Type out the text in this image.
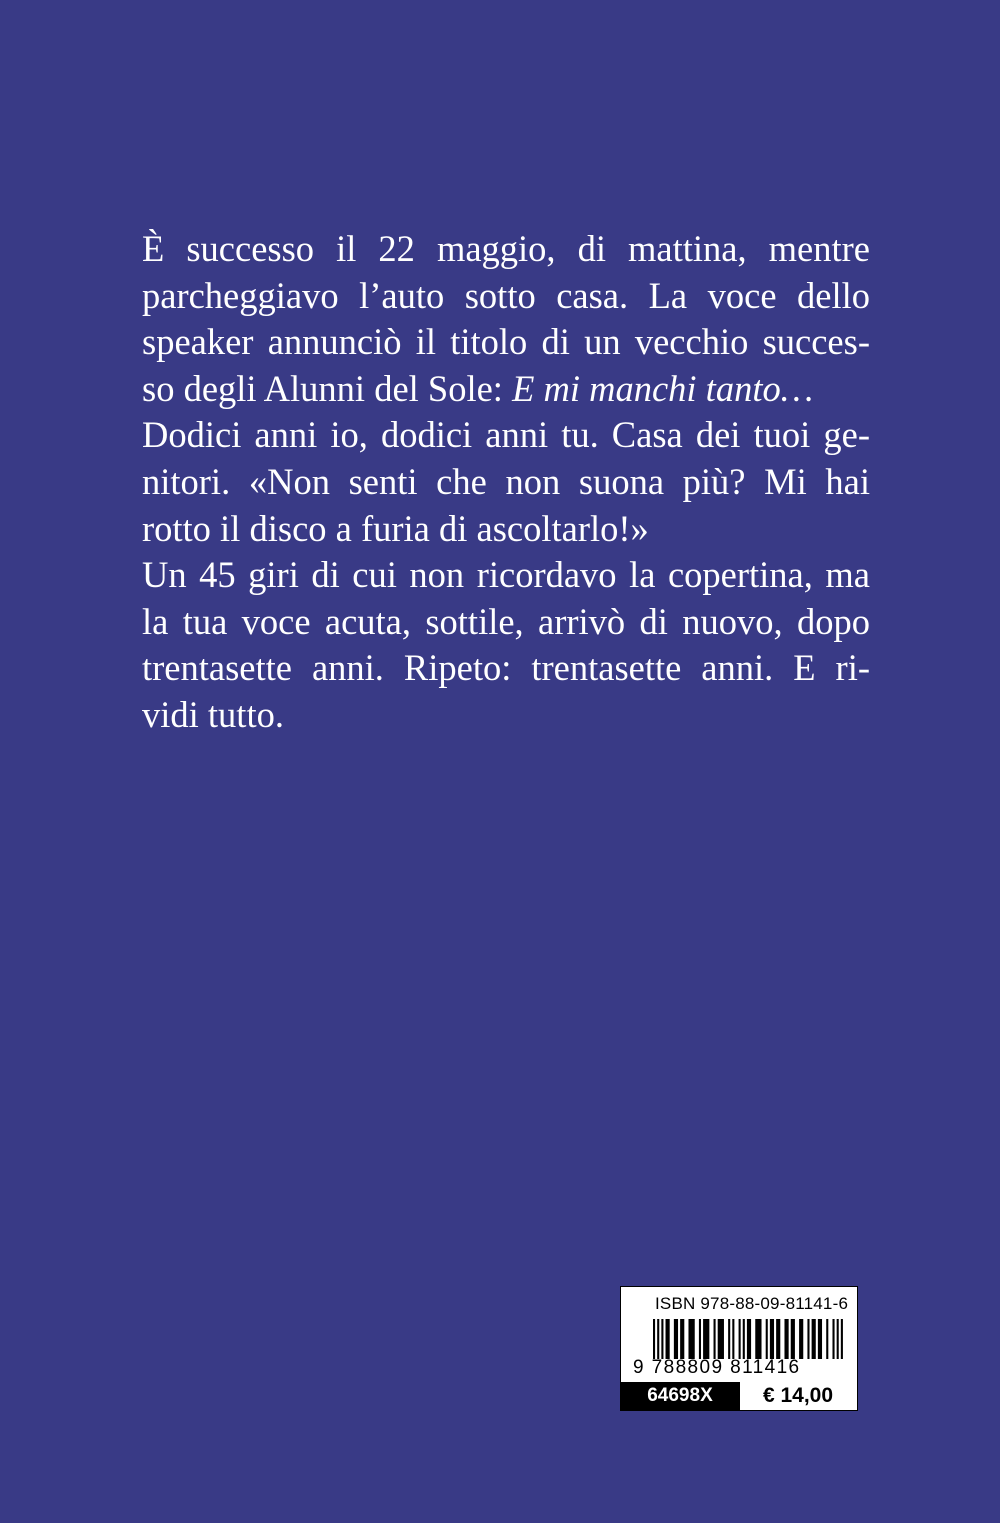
È successo il 22 maggio, di mattina, mentre
parcheggiavo l’auto sotto casa. La voce dello
speaker annunciò il titolo di un vecchio succes-
so degli Alunni del Sole: E mi manchi tanto…
Dodici anni io, dodici anni tu. Casa dei tuoi ge-
nitori. «Non senti che non suona più? Mi hai
rotto il disco a furia di ascoltarlo!»
Un 45 giri di cui non ricordavo la copertina, ma
la tua voce acuta, sottile, arrivò di nuovo, dopo
trentasette anni. Ripeto: trentasette anni. E ri-
vidi tutto.
ISBN 978-88-09-81141-6
9 788809 811416
64698X	€ 14,00
